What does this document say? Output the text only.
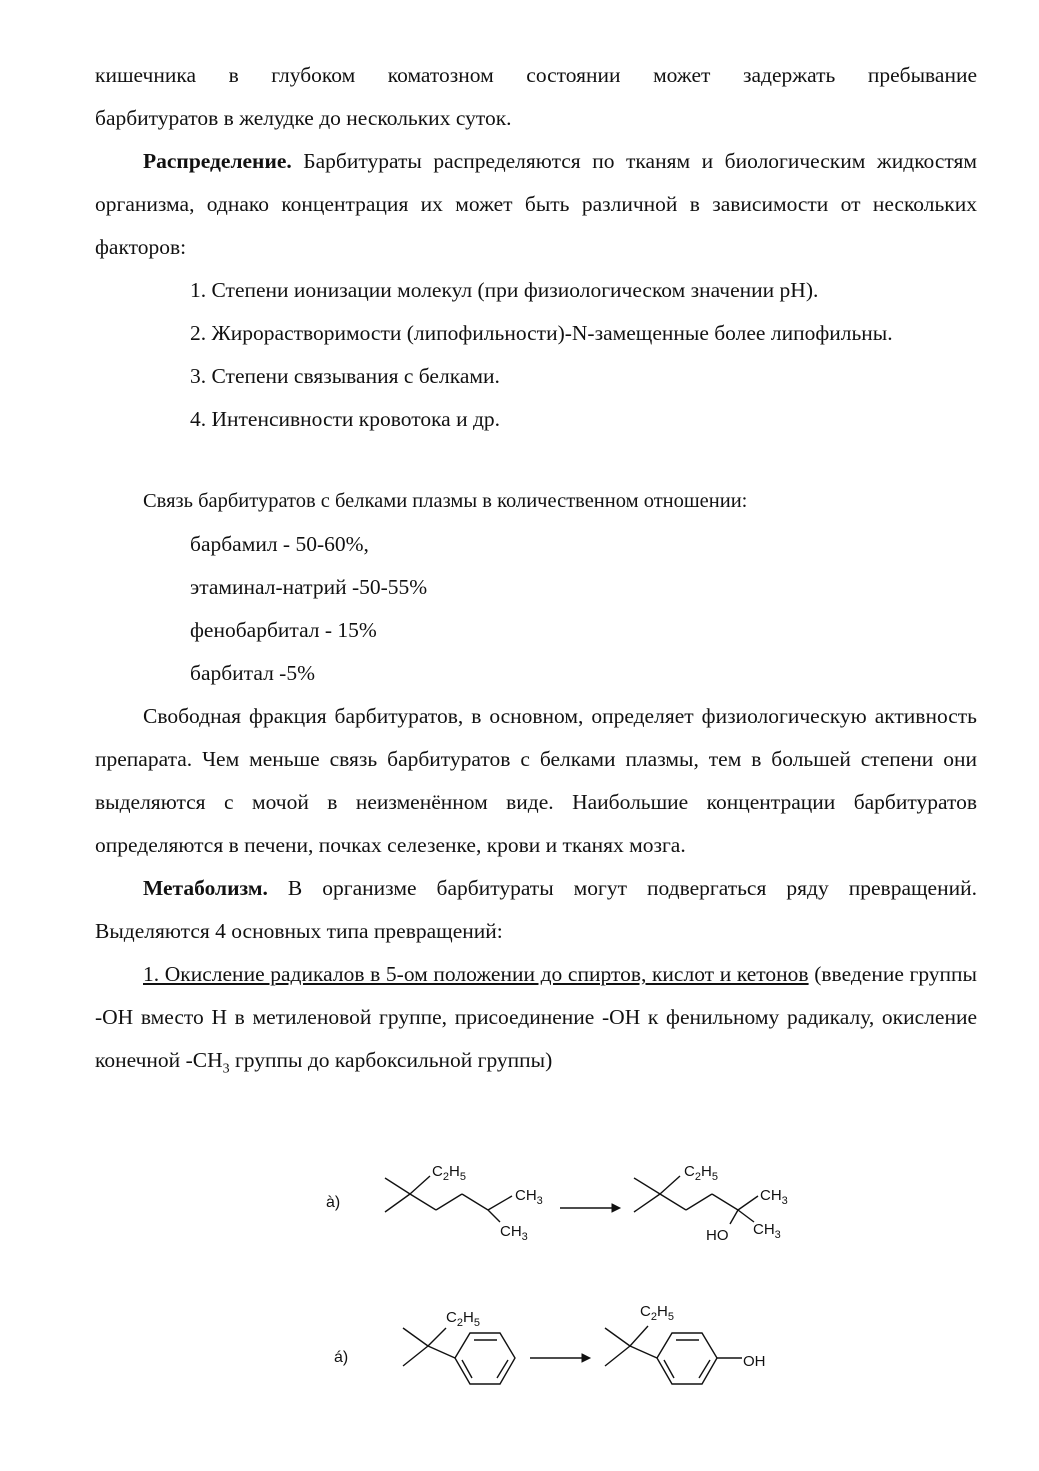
кишечника в глубоком коматозном состоянии может задержать пребывание

барбитуратов в желудке до нескольких суток.

Распределение. Барбитураты распределяются по тканям и биологическим жидкостям организма, однако концентрация их может быть различной в зависимости от нескольких факторов:

1. Степени ионизации молекул (при физиологическом значении pH).

2. Жирорастворимости (липофильности)-N-замещенные более липофильны.

3. Степени связывания с белками.

4. Интенсивности кровотока и др.

Связь барбитуратов с белками плазмы в количественном отношении:

барбамил - 50-60%,

этаминал-натрий -50-55%

фенобарбитал - 15%

барбитал -5%

Свободная фракция барбитуратов, в основном, определяет физиологическую активность препарата. Чем меньше связь барбитуратов с белками плазмы, тем в большей степени они выделяются с мочой в неизменённом виде. Наибольшие концентрации барбитуратов определяются в печени, почках селезенке, крови и тканях мозга.

Метаболизм. В организме барбитураты могут подвергаться ряду превращений. Выделяются 4 основных типа превращений:

1. Окисление радикалов в 5-ом положении до спиртов, кислот и кетонов (введение группы -ОН вместо Н в метиленовой группе, присоединение -ОН к фенильному радикалу, окисление конечной $-СН_3$ группы до карбоксильной группы)

à)
$C_2H_5$
$CH_3$
$CH_3$
$C_2H_5$
$CH_3$
HO $CH_3$
á)
$C_2H_5$
$C_2H_5$
OH
